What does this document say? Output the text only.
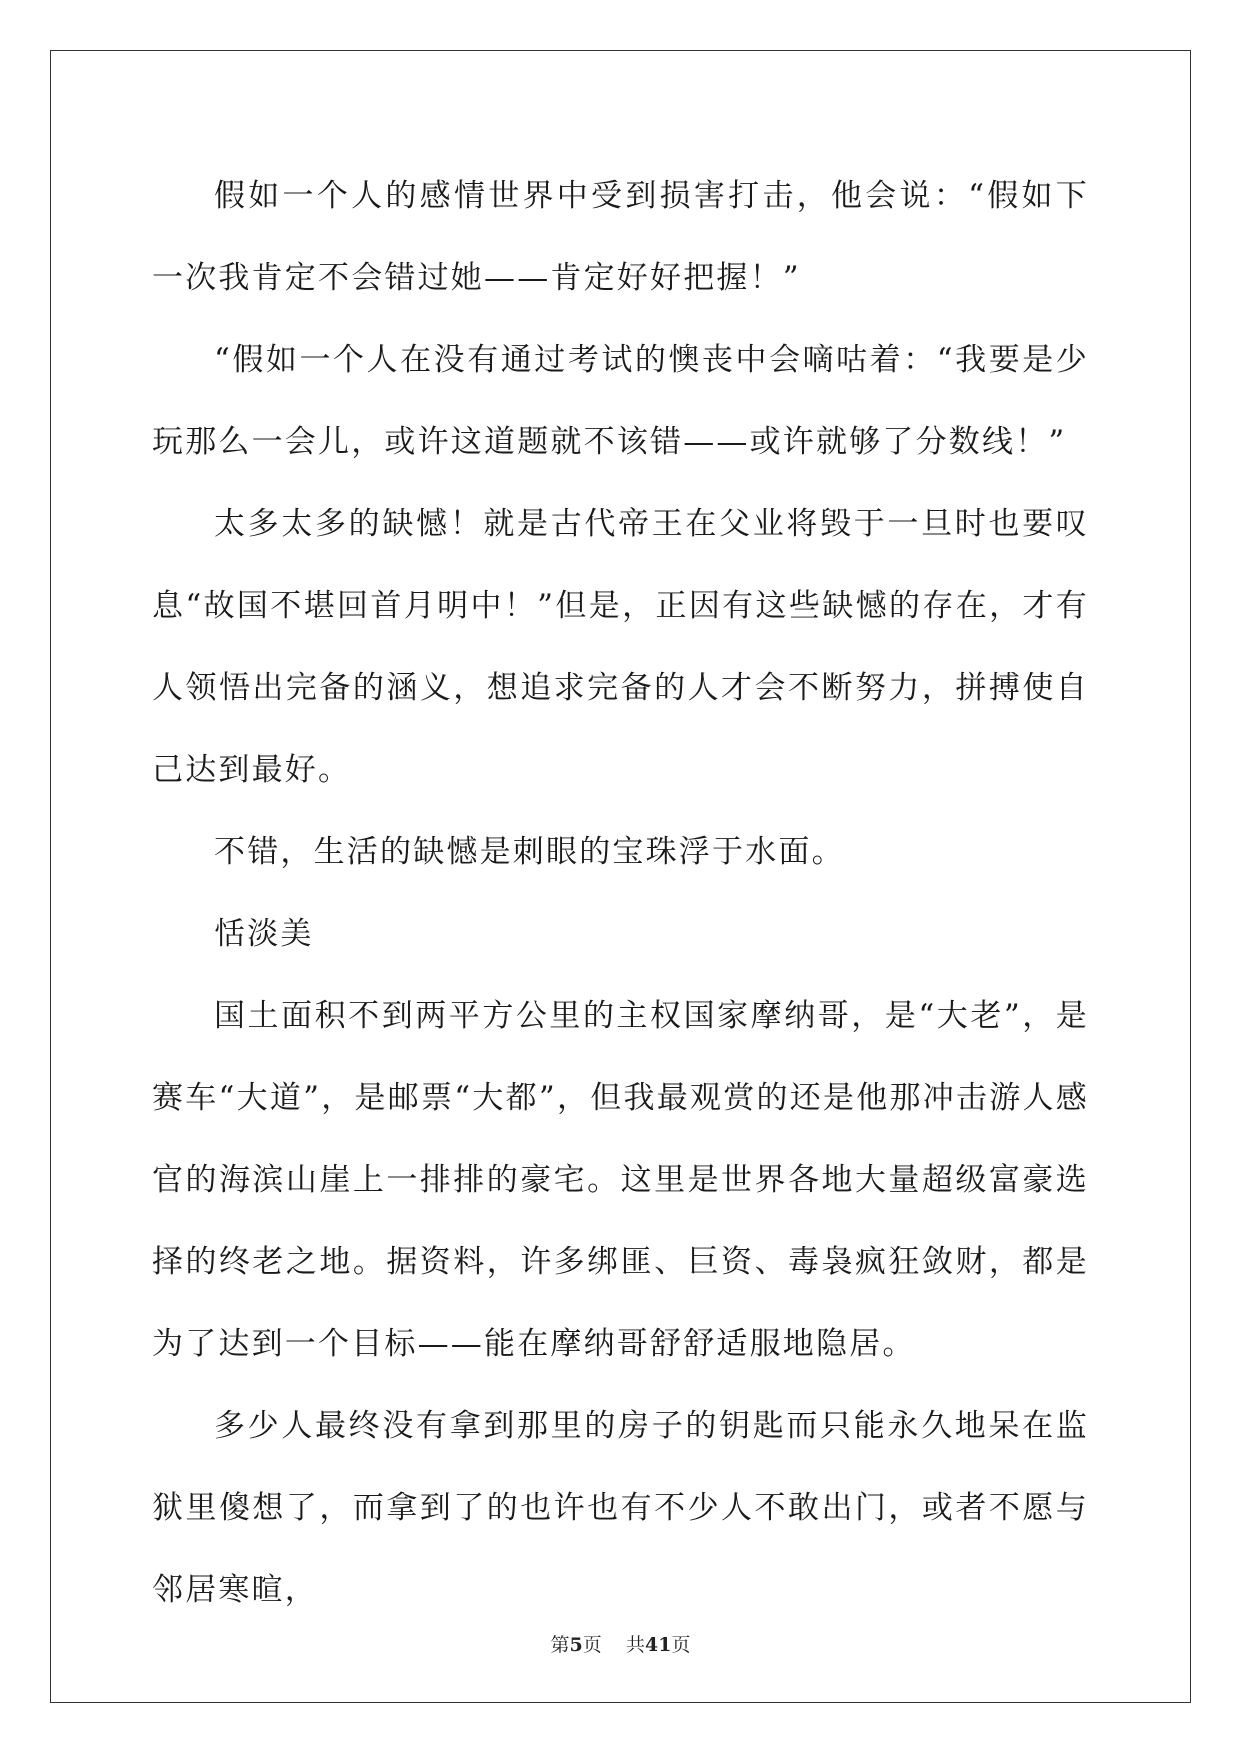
假如一个人的感情世界中受到损害打击，他会说：“假如下一次我肯定不会错过她——肯定好好把握！”

“假如一个人在没有通过考试的懊丧中会嘀咕着：“我要是少玩那么一会儿，或许这道题就不该错——或许就够了分数线！”

太多太多的缺憾！就是古代帝王在父业将毁于一旦时也要叹息“故国不堪回首月明中！”但是，正因有这些缺憾的存在，才有人领悟出完备的涵义，想追求完备的人才会不断努力，拼搏使自己达到最好。

不错，生活的缺憾是刺眼的宝珠浮于水面。

恬淡美

国土面积不到两平方公里的主权国家摩纳哥，是“大老”，是赛车“大道”，是邮票“大都”，但我最观赏的还是他那冲击游人感官的海滨山崖上一排排的豪宅。这里是世界各地大量超级富豪选择的终老之地。据资料，许多绑匪、巨资、毒袅疯狂敛财，都是为了达到一个目标——能在摩纳哥舒舒适服地隐居。

多少人最终没有拿到那里的房子的钥匙而只能永久地呆在监狱里傻想了，而拿到了的也许也有不少人不敢出门，或者不愿与邻居寒暄，

第5页 共41页
